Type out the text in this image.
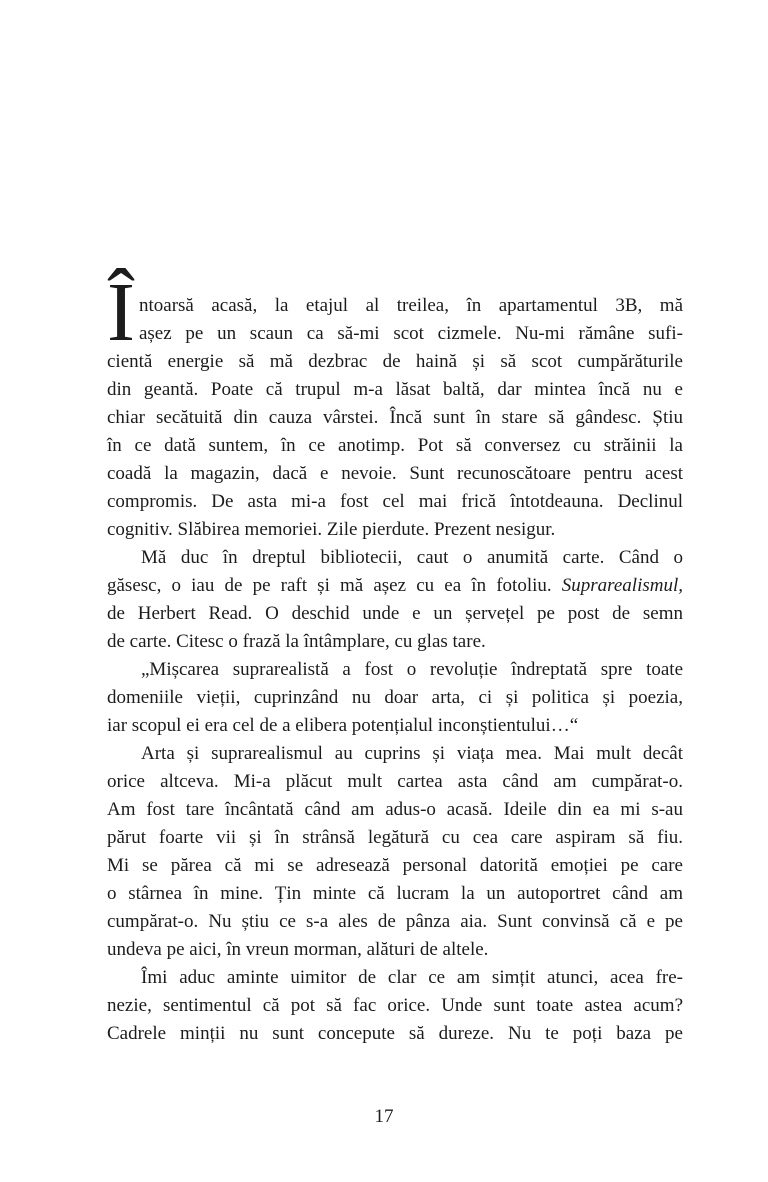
Î ntoarsă acasă, la etajul al treilea, în apartamentul 3B, mă
așez pe un scaun ca să-mi scot cizmele. Nu-mi rămâne sufi-
cientă energie să mă dezbrac de haină și să scot cumpărăturile
din geantă. Poate că trupul m-a lăsat baltă, dar mintea încă nu e
chiar secătuită din cauza vârstei. Încă sunt în stare să gândesc. Știu
în ce dată suntem, în ce anotimp. Pot să conversez cu străinii la
coadă la magazin, dacă e nevoie. Sunt recunoscătoare pentru acest
compromis. De asta mi-a fost cel mai frică întotdeauna. Declinul
cognitiv. Slăbirea memoriei. Zile pierdute. Prezent nesigur.
Mă duc în dreptul bibliotecii, caut o anumită carte. Când o
găsesc, o iau de pe raft și mă așez cu ea în fotoliu. Suprarealismul,
de Herbert Read. O deschid unde e un șervețel pe post de semn
de carte. Citesc o frază la întâmplare, cu glas tare.
„Mișcarea suprarealistă a fost o revoluție îndreptată spre toate
domeniile vieții, cuprinzând nu doar arta, ci și politica și poezia,
iar scopul ei era cel de a elibera potențialul inconștientului…“
Arta și suprarealismul au cuprins și viața mea. Mai mult decât
orice altceva. Mi-a plăcut mult cartea asta când am cumpărat-o.
Am fost tare încântată când am adus-o acasă. Ideile din ea mi s-au
părut foarte vii și în strânsă legătură cu cea care aspiram să fiu.
Mi se părea că mi se adresează personal datorită emoției pe care
o stârnea în mine. Țin minte că lucram la un autoportret când am
cumpărat-o. Nu știu ce s-a ales de pânza aia. Sunt convinsă că e pe
undeva pe aici, în vreun morman, alături de altele.
Îmi aduc aminte uimitor de clar ce am simțit atunci, acea fre-
nezie, sentimentul că pot să fac orice. Unde sunt toate astea acum?
Cadrele minții nu sunt concepute să dureze. Nu te poți baza pe
17
